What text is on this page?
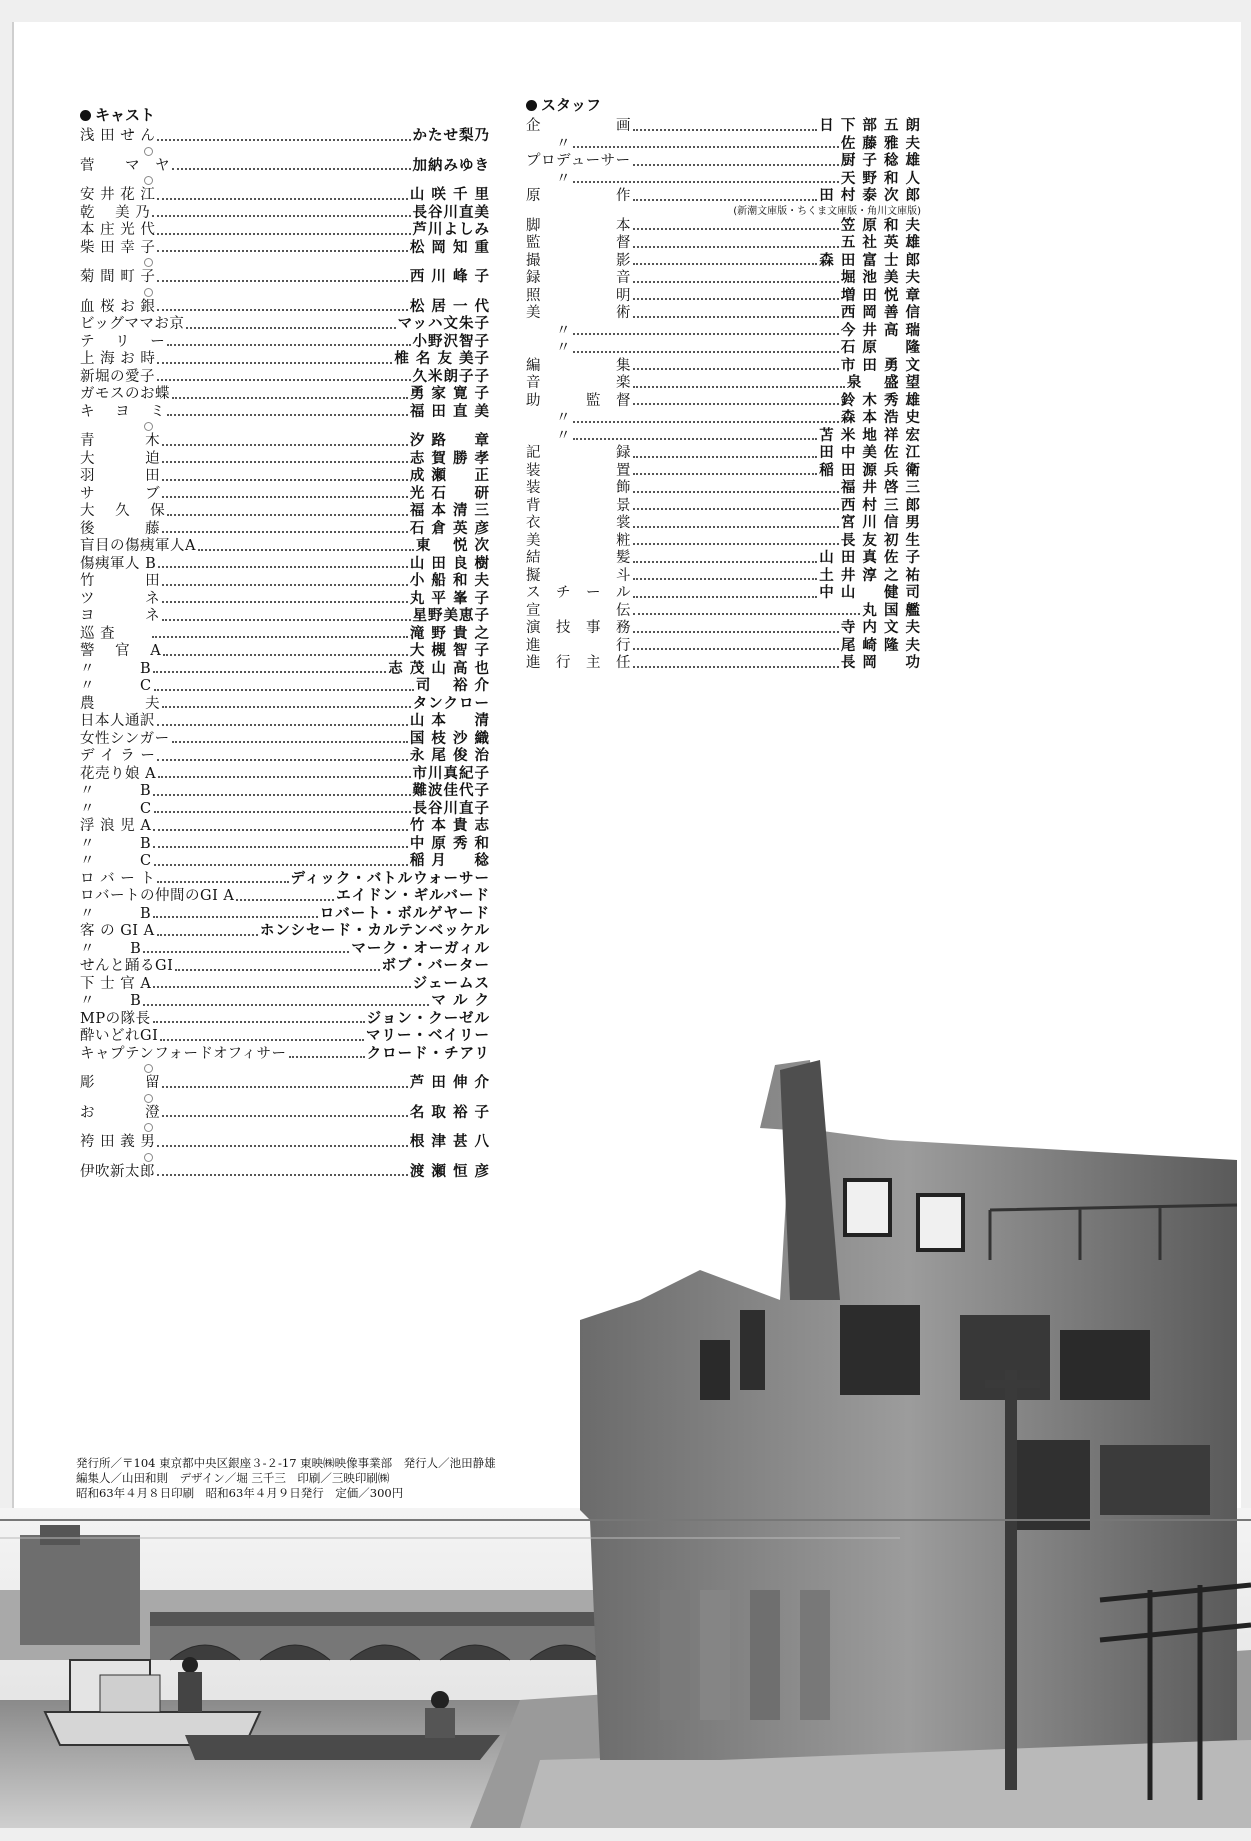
キャスト
浅 田 せ ん	かたせ梨乃
菅　　マ　ヤ	加納みゆき
安 井 花 江	山 咲 千 里
乾 　美 乃	長谷川直美
本 庄 光 代	芦川よしみ
柴 田 幸 子	松 岡 知 重
菊 間 町 子	西 川 峰 子
血 桜 お 銀	松 居 一 代
ビッグママお京	マッハ文朱子
テ 　リ 　ー	小野沢智子
上 海 お 時	椎 名 友 美子
新堀の愛子	久米朗子子
ガモスのお蝶	勇 家 寛 子
キ 　ヨ 　ミ	福 田 直 美
青　　　 木	汐 路 　 章
大　　　 迫	志 賀 勝 孝
羽　　　 田	成 瀬 　 正
サ　　　 ブ	光 石 　 研
大　 久　 保	福 本 清 三
後　　　 藤	石 倉 英 彦
盲目の傷痍軍人A	東 　悦 次
傷痍軍人 B	山 田 良 樹
竹　　　 田	小 船 和 夫
ツ　　　 ネ	丸 平 峯 子
ヨ　　　 ネ	星野美恵子
巡 査 　　	滝 野 貴 之
警 　官 　A	大 槻 智 子
〃　　　B	志 茂 山 高 也
〃　　　C	司 　裕 介
農　　　 夫	タンクロー
日本人通訳	山 本 　 清
女性シンガー	国 枝 沙 織
デ イ ラ ー	永 尾 俊 治
花売り娘 A	市川真紀子
〃　　　B	難波佳代子
〃　　　C	長谷川直子
浮 浪 児 A	竹 本 貴 志
〃　　　B	中 原 秀 和
〃　　　C	稲 月 　 稔
ロ バ ー ト	ディック・バトルウォーサー
ロバートの仲間のGI A	エイドン・ギルバード
〃　　　B	ロバート・ボルゲヤード
客 の GI A	ホンシセード・カルテンベッケル
〃　　 B	マーク・オーガィル
せんと踊るGI	ボブ・バーター
下 士 官 A	ジェームス
〃　　 B	マ ル ク
MPの隊長	ジョン・クーゼル
酔いどれGI	マリー・ベイリー
キャプテンフォードオフィサー	クロード・チアリ
彫　　　 留	芦 田 伸 介
お　　　 澄	名 取 裕 子
袴 田 義 男	根 津 甚 八
伊吹新太郎	渡 瀬 恒 彦
スタッフ
企　　　　　画	日 下 部 五 朗
　　〃	佐 藤 雅 夫
プロデューサー	厨 子 稔 雄
　　〃	天 野 和 人
原　　　　　作	田 村 泰 次 郎
(新潮文庫版・ちくま文庫版・角川文庫版)
脚　　　　　本	笠 原 和 夫
監　　　　　督	五 社 英 雄
撮　　　　　影	森 田 富 士 郎
録　　　　　音	堀 池 美 夫
照　　　　　明	増 田 悦 章
美　　　　　術	西 岡 善 信
　　〃	今 井 高 瑞
　　〃	石 原 　 隆
編　　　　　集	市 田 勇 文
音　　　　　楽	泉 　盛 望
助　　　監　督	鈴 木 秀 雄
　　〃	森 本 浩 史
　　〃	苫 米 地 祥 宏
記　　　　　録	田 中 美 佐 江
装　　　　　置	稲 田 源 兵 衛
装　　　　　飾	福 井 啓 三
背　　　　　景	西 村 三 郎
衣　　　　　裳	宮 川 信 男
美　　　　　粧	長 友 初 生
結　　　　　髪	山 田 真 佐 子
擬　　　　　斗	土 井 淳 之 祐
ス　チ　ー　ル	中 山 　 健 司
宣　　　　　伝	丸 国 艦
演　技　事　務	寺 内 文 夫
進　　　　　行	尾 崎 隆 夫
進　行　主　任	長 岡 　 功
発行所／〒104 東京都中央区銀座３-２-17 東映㈱映像事業部　発行人／池田静雄
編集人／山田和則　デザイン／堀 三千三　印刷／三映印刷㈱
昭和63年４月８日印刷　昭和63年４月９日発行　定価／300円
